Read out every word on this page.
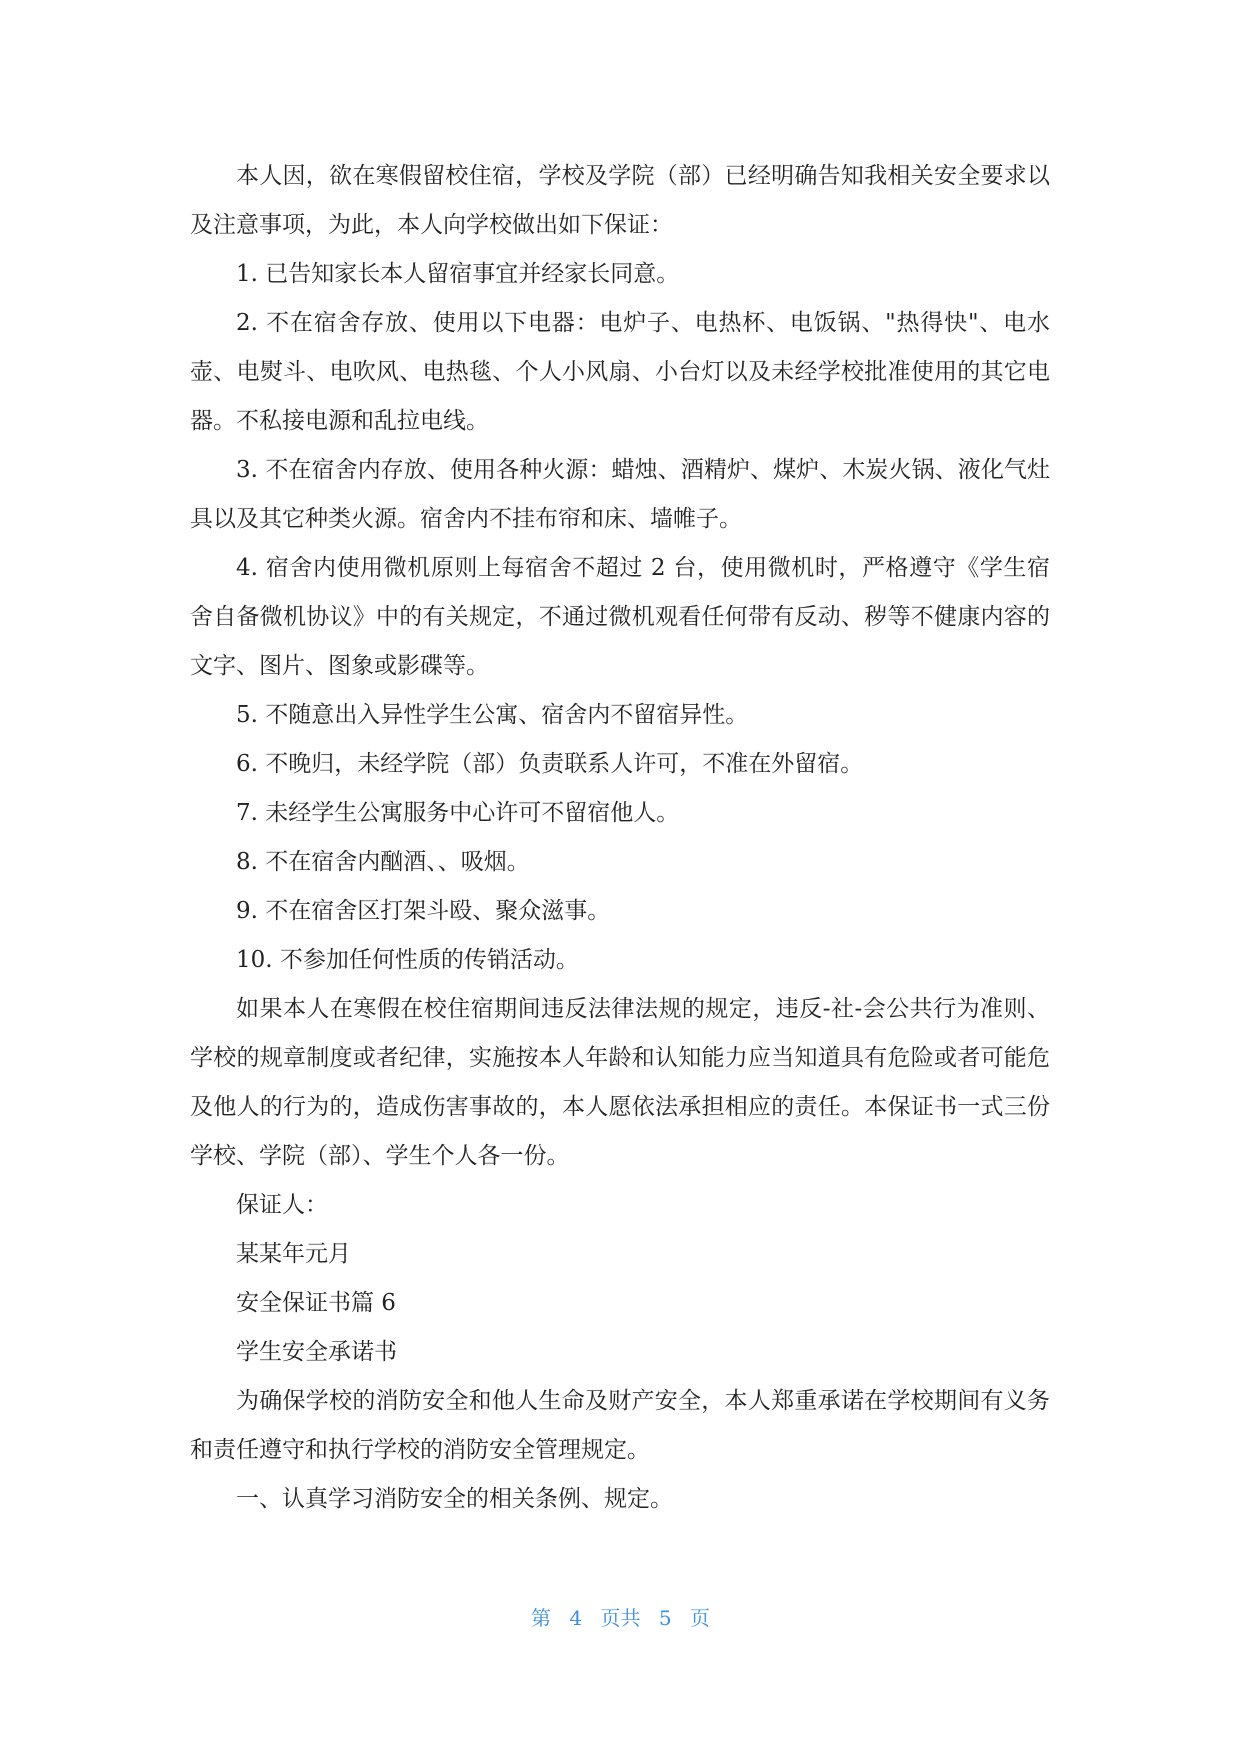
本人因，欲在寒假留校住宿，学校及学院（部）已经明确告知我相关安全要求以及注意事项，为此，本人向学校做出如下保证：

1. 已告知家长本人留宿事宜并经家长同意。

2. 不在宿舍存放、使用以下电器：电炉子、电热杯、电饭锅、"热得快"、电水壶、电熨斗、电吹风、电热毯、个人小风扇、小台灯以及未经学校批准使用的其它电器。不私接电源和乱拉电线。

3. 不在宿舍内存放、使用各种火源：蜡烛、酒精炉、煤炉、木炭火锅、液化气灶具以及其它种类火源。宿舍内不挂布帘和床、墙帷子。

4. 宿舍内使用微机原则上每宿舍不超过 2 台，使用微机时，严格遵守《学生宿舍自备微机协议》中的有关规定，不通过微机观看任何带有反动、秽等不健康内容的文字、图片、图象或影碟等。

5. 不随意出入异性学生公寓、宿舍内不留宿异性。

6. 不晚归，未经学院（部）负责联系人许可，不准在外留宿。

7. 未经学生公寓服务中心许可不留宿他人。

8. 不在宿舍内酗酒、、吸烟。

9. 不在宿舍区打架斗殴、聚众滋事。

10. 不参加任何性质的传销活动。

如果本人在寒假在校住宿期间违反法律法规的规定，违反-社-会公共行为准则、学校的规章制度或者纪律，实施按本人年龄和认知能力应当知道具有危险或者可能危及他人的行为的，造成伤害事故的，本人愿依法承担相应的责任。本保证书一式三份学校、学院（部）、学生个人各一份。

保证人：

某某年元月

安全保证书篇 6

学生安全承诺书

为确保学校的消防安全和他人生命及财产安全，本人郑重承诺在学校期间有义务和责任遵守和执行学校的消防安全管理规定。

一、认真学习消防安全的相关条例、规定。

第 4 页共 5 页
